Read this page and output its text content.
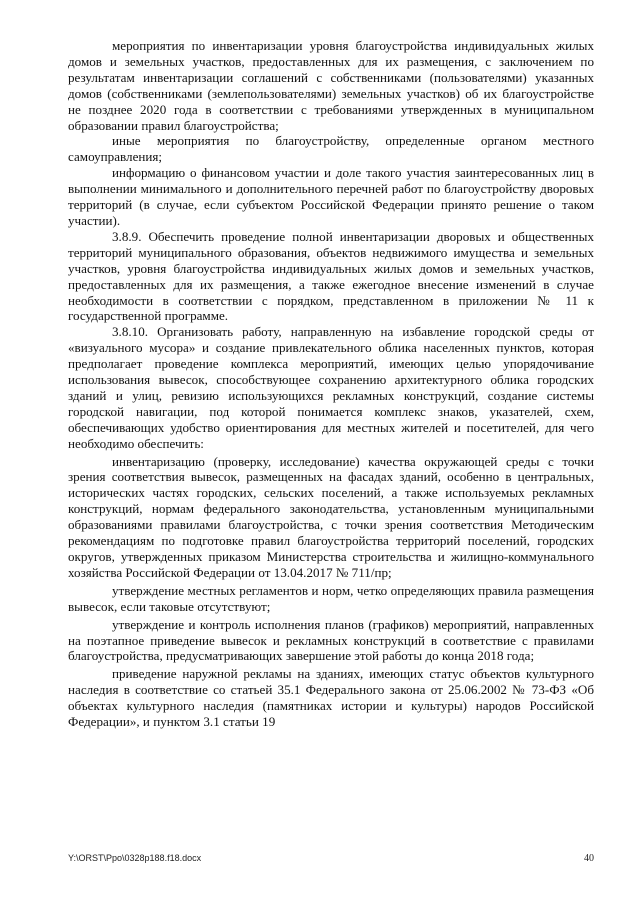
мероприятия по инвентаризации уровня благоустройства индивидуальных жилых домов и земельных участков, предоставленных для их размещения, с заключением по результатам инвентаризации соглашений с собственниками (пользователями) указанных домов (собственниками (землепользователями) земельных участков) об их благоустройстве не позднее 2020 года в соответствии с требованиями утвержденных в муниципальном образовании правил благоустройства;

иные мероприятия по благоустройству, определенные органом местного самоуправления;

информацию о финансовом участии и доле такого участия заинтересованных лиц в выполнении минимального и дополнительного перечней работ по благоустройству дворовых территорий (в случае, если субъектом Российской Федерации принято решение о таком участии).

3.8.9. Обеспечить проведение полной инвентаризации дворовых и общественных территорий муниципального образования, объектов недвижимого имущества и земельных участков, уровня благоустройства индивидуальных жилых домов и земельных участков, предоставленных для их размещения, а также ежегодное внесение изменений в случае необходимости в соответствии с порядком, представленном в приложении № 11 к государственной программе.

3.8.10. Организовать работу, направленную на избавление городской среды от «визуального мусора» и создание привлекательного облика населенных пунктов, которая предполагает проведение комплекса мероприятий, имеющих целью упорядочивание использования вывесок, способствующее сохранению архитектурного облика городских зданий и улиц, ревизию использующихся рекламных конструкций, создание системы городской навигации, под которой понимается комплекс знаков, указателей, схем, обеспечивающих удобство ориентирования для местных жителей и посетителей, для чего необходимо обеспечить:

инвентаризацию (проверку, исследование) качества окружающей среды с точки зрения соответствия вывесок, размещенных на фасадах зданий, особенно в центральных, исторических частях городских, сельских поселений, а также используемых рекламных конструкций, нормам федерального законодательства, установленным муниципальными образованиями правилами благоустройства, с точки зрения соответствия Методическим рекомендациям по подготовке правил благоустройства территорий поселений, городских округов, утвержденных приказом Министерства строительства и жилищно-коммунального хозяйства Российской Федерации от 13.04.2017 № 711/пр;

утверждение местных регламентов и норм, четко определяющих правила размещения вывесок, если таковые отсутствуют;

утверждение и контроль исполнения планов (графиков) мероприятий, направленных на поэтапное приведение вывесок и рекламных конструкций в соответствие с правилами благоустройства, предусматривающих завершение этой работы до конца 2018 года;

приведение наружной рекламы на зданиях, имеющих статус объектов культурного наследия в соответствие со статьей 35.1 Федерального закона от 25.06.2002 № 73-ФЗ «Об объектах культурного наследия (памятниках истории и культуры) народов Российской Федерации», и пунктом 3.1 статьи 19

Y:\ORST\Ppo\0328p188.f18.docx	40
